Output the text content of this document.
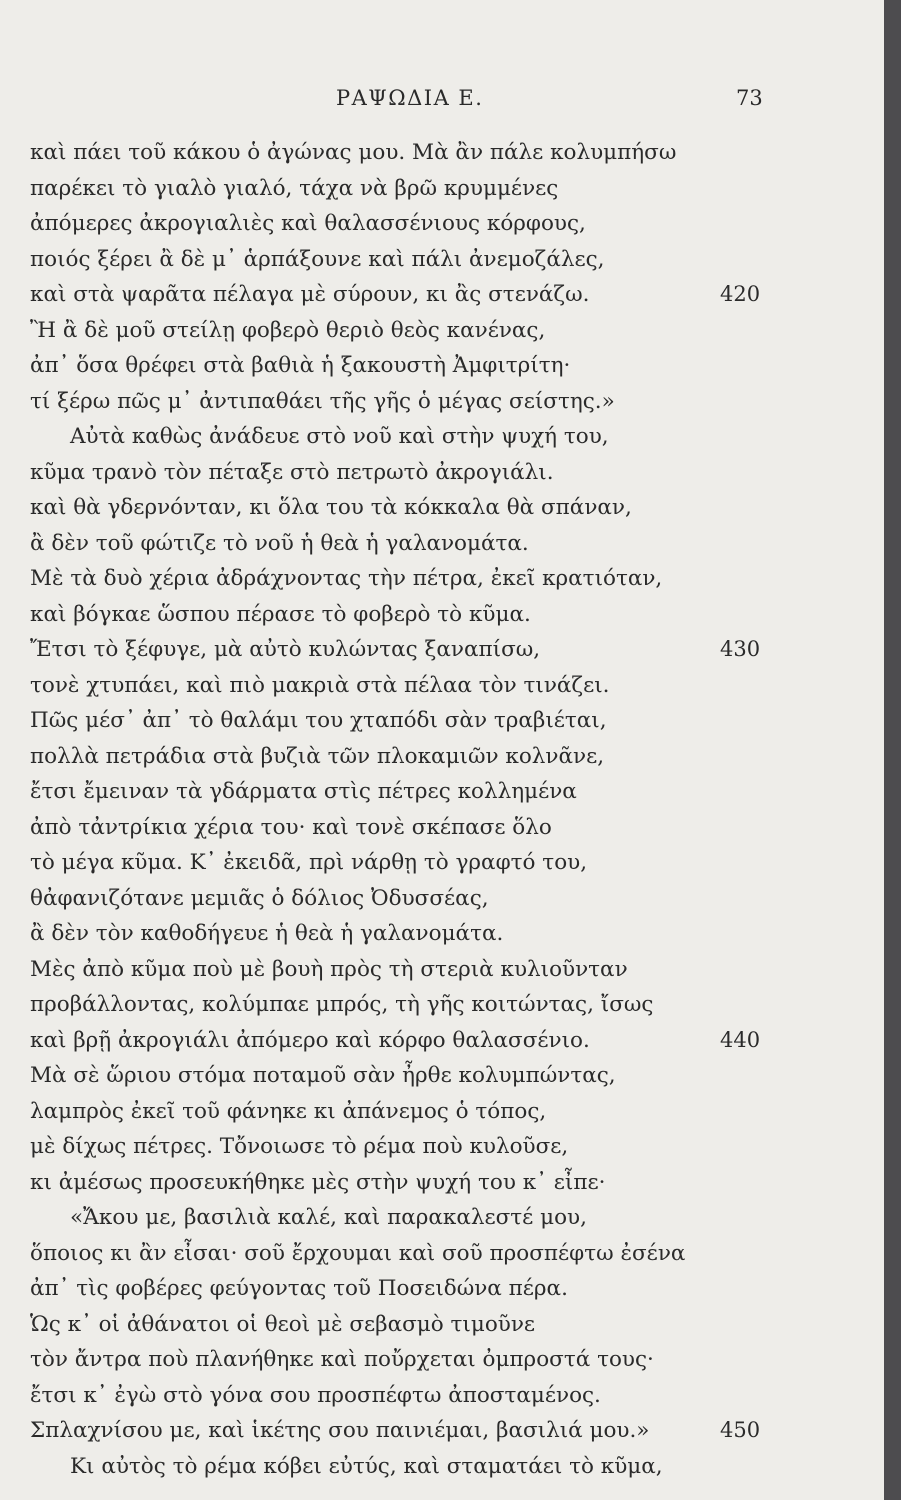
ΡΑΨΩΔΙΑ Ε.	73
καὶ πάει τοῦ κάκου ὁ ἀγώνας μου. Μὰ ἂν πάλε κολυμπήσω
παρέκει τὸ γιαλὸ γιαλό, τάχα νὰ βρῶ κρυμμένες
ἀπόμερες ἀκρογιαλιὲς καὶ θαλασσένιους κόρφους,
ποιός ξέρει ἂ δὲ μ᾽ ἁρπάξουνε καὶ πάλι ἀνεμοζάλες,
καὶ στὰ ψαρᾶτα πέλαγα μὲ σύρουν, κι ἂς στενάζω.	420
Ἢ ἂ δὲ μοῦ στείλῃ φοβερὸ θεριὸ θεὸς κανένας,
ἀπ᾽ ὅσα θρέφει στὰ βαθιὰ ἡ ξακουστὴ Ἀμφιτρίτη·
τί ξέρω πῶς μ᾽ ἀντιπαθάει τῆς γῆς ὁ μέγας σείστης.»
Αὐτὰ καθὼς ἀνάδευε στὸ νοῦ καὶ στὴν ψυχή του,
κῦμα τρανὸ τὸν πέταξε στὸ πετρωτὸ ἀκρογιάλι.
καὶ θὰ γδερνόνταν, κι ὅλα του τὰ κόκκαλα θὰ σπάναν,
ἂ δὲν τοῦ φώτιζε τὸ νοῦ ἡ θεὰ ἡ γαλανομάτα.
Μὲ τὰ δυὸ χέρια ἀδράχνοντας τὴν πέτρα, ἐκεῖ κρατιόταν,
καὶ βόγκαε ὥσπου πέρασε τὸ φοβερὸ τὸ κῦμα.
Ἔτσι τὸ ξέφυγε, μὰ αὐτὸ κυλώντας ξαναπίσω,	430
τονὲ χτυπάει, καὶ πιὸ μακριὰ στὰ πέλαα τὸν τινάζει.
Πῶς μέσ᾽ ἀπ᾽ τὸ θαλάμι του χταπόδι σὰν τραβιέται,
πολλὰ πετράδια στὰ βυζιὰ τῶν πλοκαμιῶν κολνᾶνε,
ἔτσι ἔμειναν τὰ γδάρματα στὶς πέτρες κολλημένα
ἀπὸ τἀντρίκια χέρια του· καὶ τονὲ σκέπασε ὅλο
τὸ μέγα κῦμα. Κ᾽ ἐκειδᾶ, πρὶ νάρθῃ τὸ γραφτό του,
θἀφανιζότανε μεμιᾶς ὁ δόλιος Ὀδυσσέας,
ἂ δὲν τὸν καθοδήγευε ἡ θεὰ ἡ γαλανομάτα.
Μὲς ἀπὸ κῦμα ποὺ μὲ βουὴ πρὸς τὴ στεριὰ κυλιοῦνταν
προβάλλοντας, κολύμπαε μπρός, τὴ γῆς κοιτώντας, ἴσως
καὶ βρῇ ἀκρογιάλι ἀπόμερο καὶ κόρφο θαλασσένιο.	440
Μὰ σὲ ὥριου στόμα ποταμοῦ σὰν ἦρθε κολυμπώντας,
λαμπρὸς ἐκεῖ τοῦ φάνηκε κι ἀπάνεμος ὁ τόπος,
μὲ δίχως πέτρες. Τὄνοιωσε τὸ ρέμα ποὺ κυλοῦσε,
κι ἀμέσως προσευκήθηκε μὲς στὴν ψυχή του κ᾽ εἶπε·
«Ἄκου με, βασιλιὰ καλέ, καὶ παρακαλεστέ μου,
ὅποιος κι ἂν εἶσαι· σοῦ ἔρχουμαι καὶ σοῦ προσπέφτω ἐσένα
ἀπ᾽ τὶς φοβέρες φεύγοντας τοῦ Ποσειδώνα πέρα.
Ὡς κ᾽ οἱ ἀθάνατοι οἱ θεοὶ μὲ σεβασμὸ τιμοῦνε
τὸν ἄντρα ποὺ πλανήθηκε καὶ ποὔρχεται ὀμπροστά τους·
ἔτσι κ᾽ ἐγὼ στὸ γόνα σου προσπέφτω ἀποσταμένος.
Σπλαχνίσου με, καὶ ἱκέτης σου παινιέμαι, βασιλιά μου.»	450
Κι αὐτὸς τὸ ρέμα κόβει εὐτύς, καὶ σταματάει τὸ κῦμα,
